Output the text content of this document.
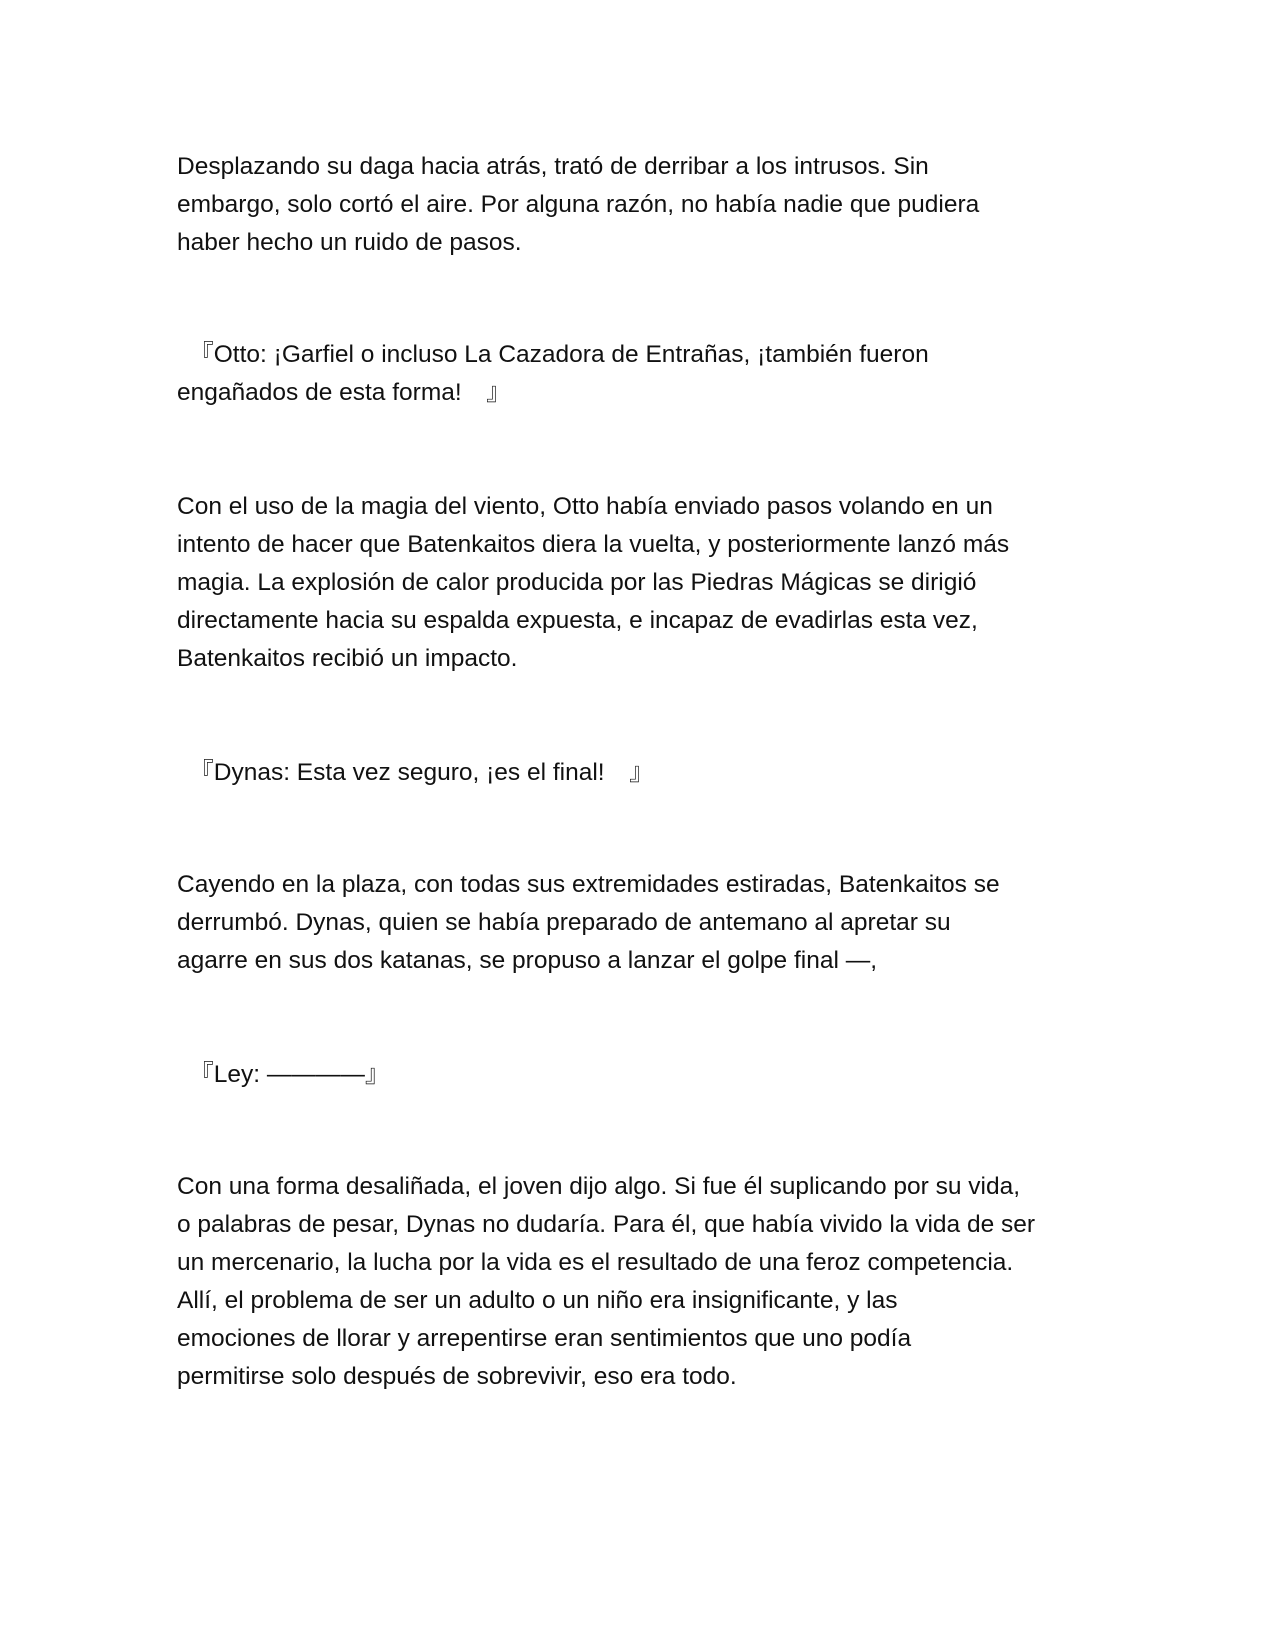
Desplazando su daga hacia atrás, trató de derribar a los intrusos. Sin
embargo, solo cortó el aire. Por alguna razón, no había nadie que pudiera
haber hecho un ruido de pasos.

　『Otto: ¡Garfiel o incluso La Cazadora de Entrañas, ¡también fueron
engañados de esta forma!　』

Con el uso de la magia del viento, Otto había enviado pasos volando en un
intento de hacer que Batenkaitos diera la vuelta, y posteriormente lanzó más
magia. La explosión de calor producida por las Piedras Mágicas se dirigió
directamente hacia su espalda expuesta, e incapaz de evadirlas esta vez,
Batenkaitos recibió un impacto.

　『Dynas: Esta vez seguro, ¡es el final!　』

Cayendo en la plaza, con todas sus extremidades estiradas, Batenkaitos se
derrumbó. Dynas, quien se había preparado de antemano al apretar su
agarre en sus dos katanas, se propuso a lanzar el golpe final —,

　『Ley: ————』

Con una forma desaliñada, el joven dijo algo. Si fue él suplicando por su vida,
o palabras de pesar, Dynas no dudaría. Para él, que había vivido la vida de ser
un mercenario, la lucha por la vida es el resultado de una feroz competencia.
Allí, el problema de ser un adulto o un niño era insignificante, y las
emociones de llorar y arrepentirse eran sentimientos que uno podía
permitirse solo después de sobrevivir, eso era todo.
